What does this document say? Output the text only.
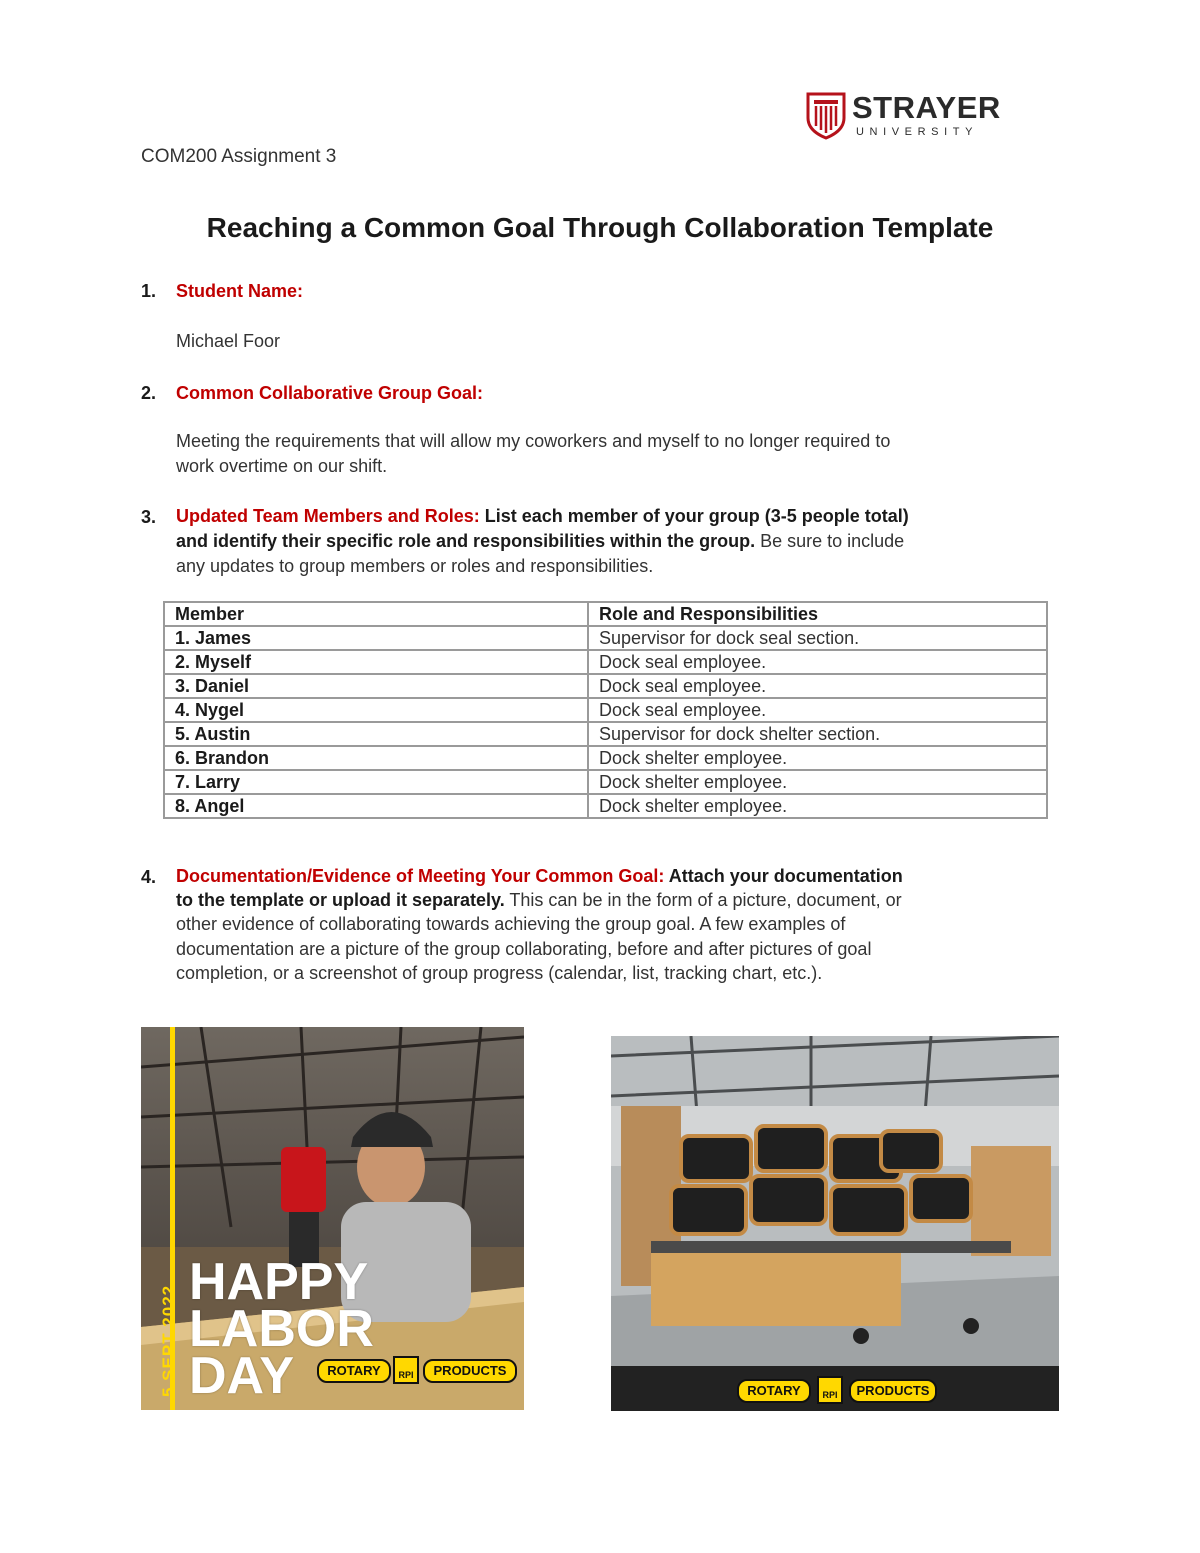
STRAYER
UNIVERSITY
COM200 Assignment 3
Reaching a Common Goal Through Collaboration Template
1. Student Name:
Michael Foor
2. Common Collaborative Group Goal:
Meeting the requirements that will allow my coworkers and myself to no longer required to
work overtime on our shift.
3. Updated Team Members and Roles: List each member of your group (3-5 people total)
and identify their specific role and responsibilities within the group. Be sure to include
any updates to group members or roles and responsibilities.
Member	Role and Responsibilities
1. James	Supervisor for dock seal section.
2. Myself	Dock seal employee.
3. Daniel	Dock seal employee.
4. Nygel	Dock seal employee.
5. Austin	Supervisor for dock shelter section.
6. Brandon	Dock shelter employee.
7. Larry	Dock shelter employee.
8. Angel	Dock shelter employee.
4. Documentation/Evidence of Meeting Your Common Goal: Attach your documentation
to the template or upload it separately. This can be in the form of a picture, document, or
other evidence of collaborating towards achieving the group goal. A few examples of
documentation are a picture of the group collaborating, before and after pictures of goal
completion, or a screenshot of group progress (calendar, list, tracking chart, etc.).
5 SEPT 2022
HAPPY
LABOR
DAY	ROTARY	RPI	PRODUCTS
ROTARY	RPI	PRODUCTS
